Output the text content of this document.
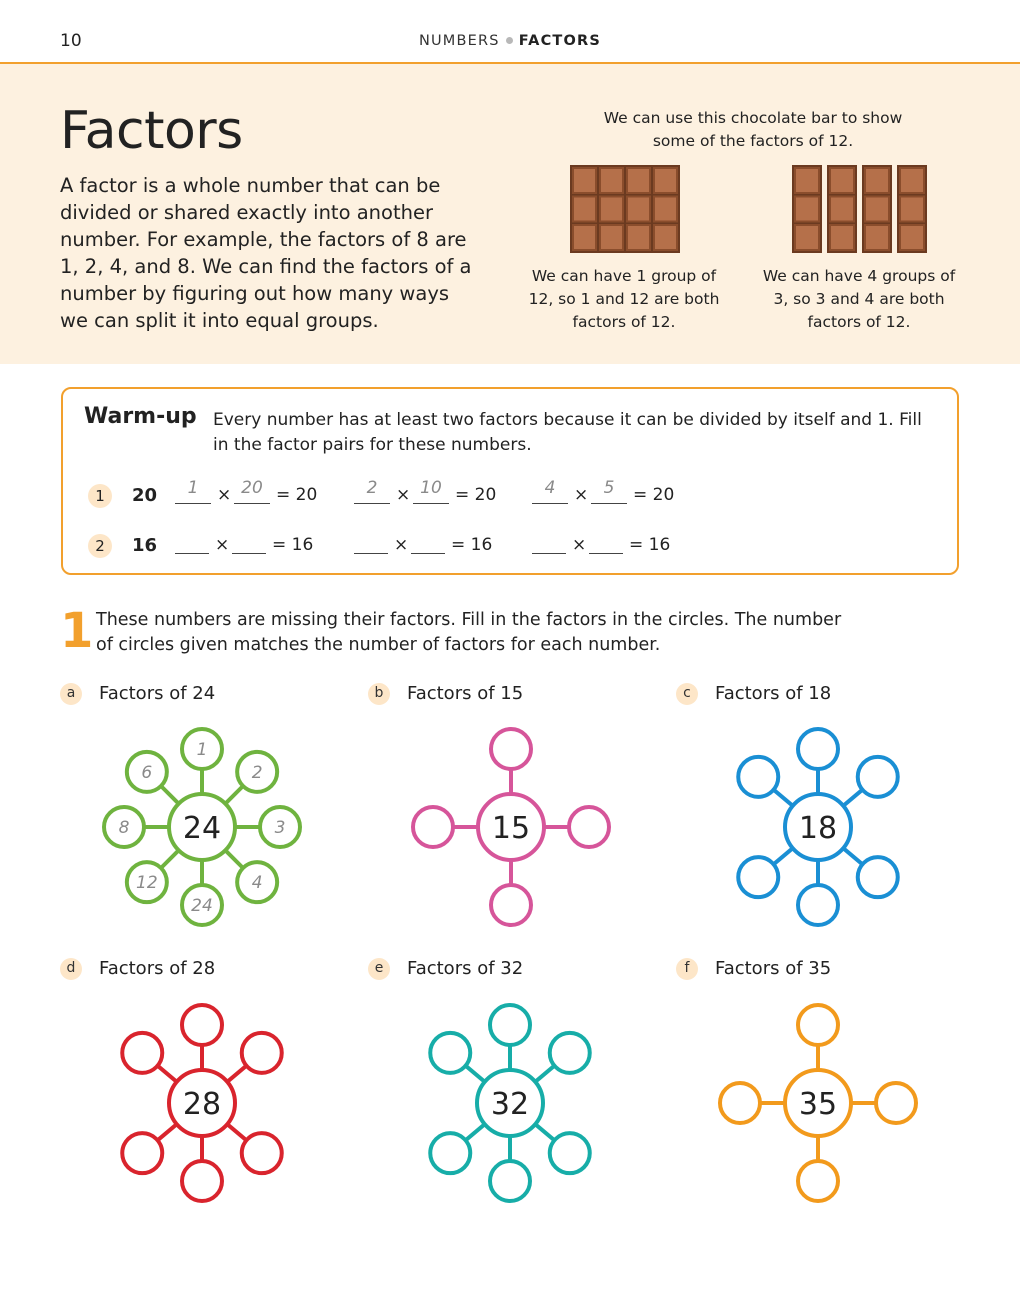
10	NUMBERS FACTORS
Factors
A factor is a whole number that can be divided or shared exactly into another number. For example, the factors of 8 are 1, 2, 4, and 8. We can find the factors of a number by figuring out how many ways we can split it into equal groups.
We can use this chocolate bar to show some of the factors of 12.
We can have 1 group of 12, so 1 and 12 are both factors of 12.
We can have 4 groups of 3, so 3 and 4 are both factors of 12.
Warm-up Every number has at least two factors because it can be divided by itself and 1. Fill in the factor pairs for these numbers.
1	20	1	× 20 = 20	2	× 10 = 20	4	× 5	= 20
2	16	×	= 16	×	= 16	×	= 16
1 These numbers are missing their factors. Fill in the factors in the circles. The number of circles given matches the number of factors for each number.
a	Factors of 24
1
2
3
4
24
12
8
6
24
b	Factors of 15
15
c	Factors of 18
18
d	Factors of 28
28
e	Factors of 32
32
f	Factors of 35
35
